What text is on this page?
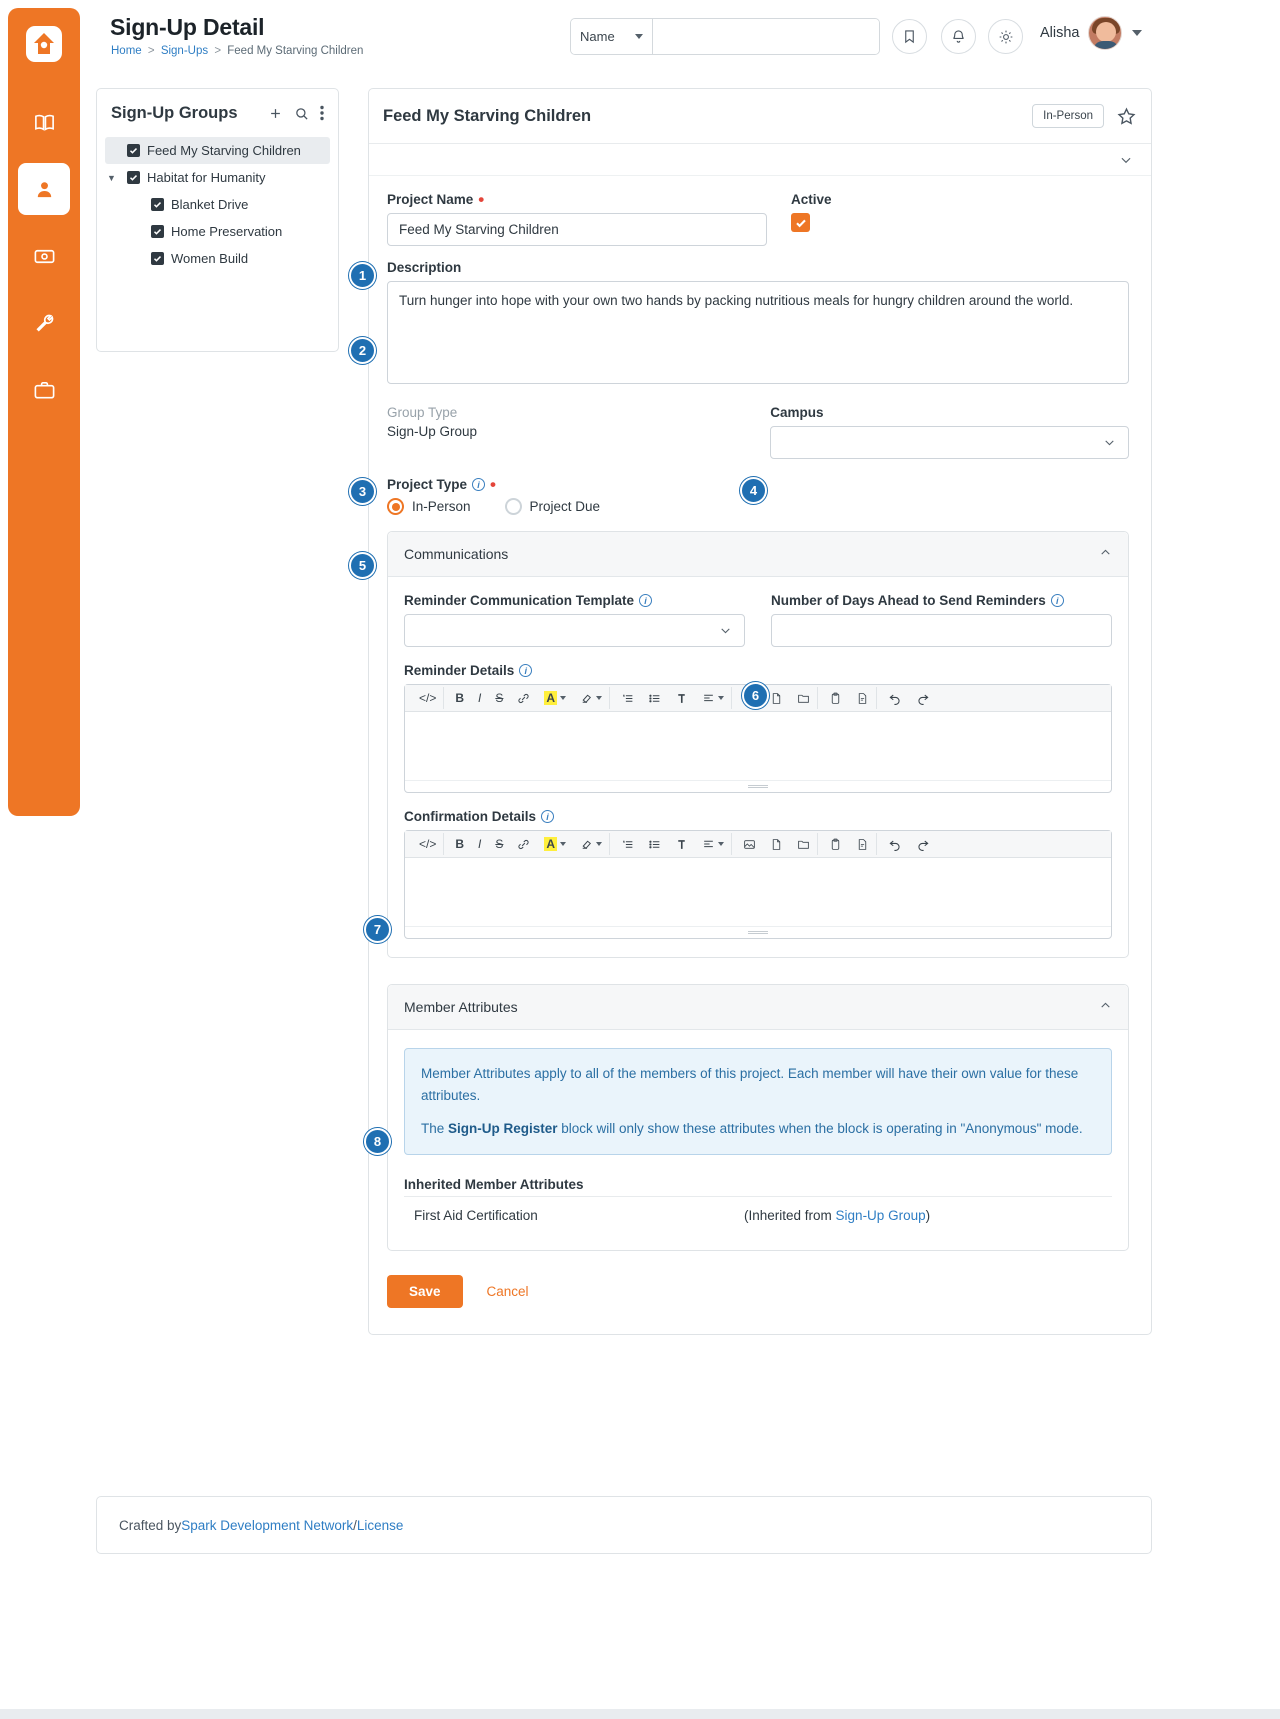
Sign-Up Detail
Home > Sign-Ups > Feed My Starving Children
Name	Alisha
Sign-Up Groups
Feed My Starving Children
▼ Habitat for Humanity
Blanket Drive
Home Preservation
Women Build
Feed My Starving Children	In-Person
1
2
3	4
5
6
7
8
Project Name •
Feed My Starving Children	Active
Description
Turn hunger into hope with your own two hands by packing nutritious meals for hungry children around the world.
Group Type
Sign-Up Group
Campus
Project Type	i •
In-Person	Project Due
Communications
Reminder Communication Template	i	Number of Days Ahead to Send Reminders	i
Reminder Details	i
</>	B I S	A
Confirmation Details	i
</>	B I S	A
Member Attributes

Member Attributes apply to all of the members of this project. Each member will have their own value for these attributes.

The Sign-Up Register block will only show these attributes when the block is operating in "Anonymous" mode.

Inherited Member Attributes
First Aid Certification	(Inherited from Sign-Up Group)
Save	Cancel
Crafted by Spark Development Network / License
